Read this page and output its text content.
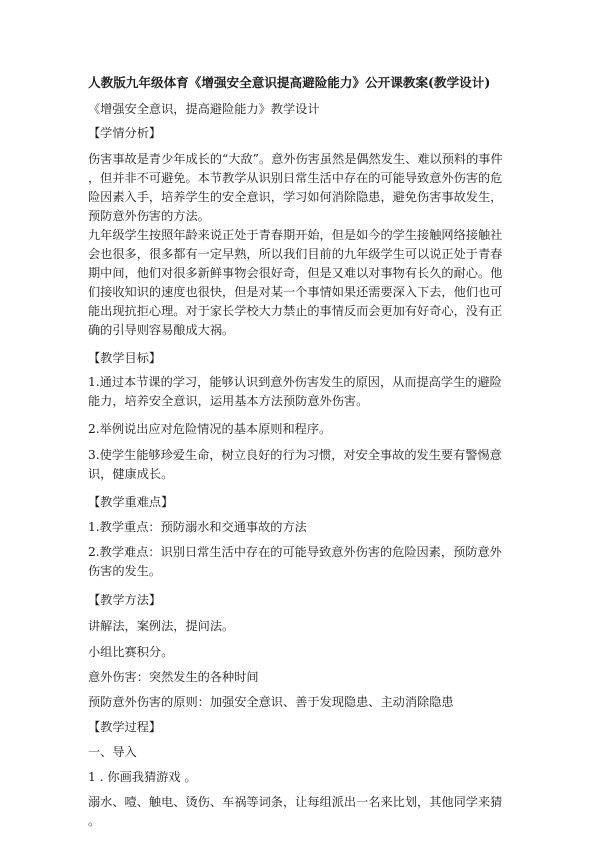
人教版九年级体育《增强安全意识提高避险能力》公开课教案(教学设计)
《增强安全意识，提高避险能力》教学设计
【学情分析】
伤害事故是青少年成长的“大敌”。意外伤害虽然是偶然发生、难以预料的事件
，但并非不可避免。本节教学从识别日常生活中存在的可能导致意外伤害的危
险因素入手，培养学生的安全意识，学习如何消除隐患，避免伤害事故发生，
预防意外伤害的方法。
九年级学生按照年龄来说正处于青春期开始，但是如今的学生接触网络接触社
会也很多，很多都有一定早熟，所以我们目前的九年级学生可以说正处于青春
期中间，他们对很多新鲜事物会很好奇，但是又难以对事物有长久的耐心。他
们接收知识的速度也很快，但是对某一个事情如果还需要深入下去，他们也可
能出现抗拒心理。对于家长学校大力禁止的事情反而会更加有好奇心，没有正
确的引导则容易酿成大祸。
【教学目标】
1.通过本节课的学习，能够认识到意外伤害发生的原因，从而提高学生的避险
能力，培养安全意识，运用基本方法预防意外伤害。
2.举例说出应对危险情况的基本原则和程序。
3.使学生能够珍爱生命，树立良好的行为习惯，对安全事故的发生要有警惕意
识，健康成长。
【教学重难点】
1.教学重点：预防溺水和交通事故的方法
2.教学难点：识别日常生活中存在的可能导致意外伤害的危险因素，预防意外
伤害的发生。
【教学方法】
讲解法，案例法，提问法。
小组比赛积分。
意外伤害：突然发生的各种时间
预防意外伤害的原则：加强安全意识、善于发现隐患、主动消除隐患
【教学过程】
一、导入
1 . 你画我猜游戏 。
溺水、噎、触电、烫伤、车祸等词条，让每组派出一名来比划，其他同学来猜
。
